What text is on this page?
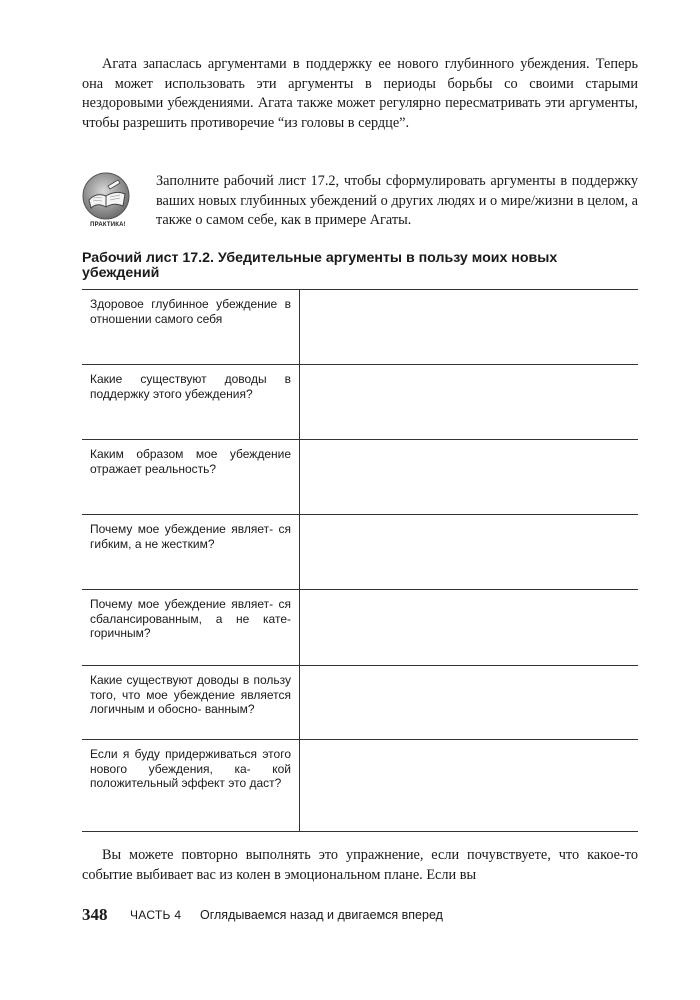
Агата запаслась аргументами в поддержку ее нового глубинного убеждения. Теперь она может использовать эти аргументы в периоды борьбы со своими старыми нездоровыми убеждениями. Агата также может регулярно пересматривать эти аргументы, чтобы разрешить противоречие “из головы в сердце”.

ПРАКТИКА!

Заполните рабочий лист 17.2, чтобы сформулировать аргументы в поддержку ваших новых глубинных убеждений о других людях и о мире/жизни в целом, а также о самом себе, как в примере Агаты.

Рабочий лист 17.2. Убедительные аргументы в пользу моих новых убеждений
Здоровое глубинное убеждение в отношении самого себя
Какие существуют доводы в поддержку этого убеждения?
Каким образом мое убеждение отражает реальность?
Почему мое убеждение являет- ся гибким, а не жестким?
Почему мое убеждение являет- ся сбалансированным, а не кате- горичным?
Какие существуют доводы в пользу того, что мое убеждение является логичным и обосно- ванным?
Если я буду придерживаться этого нового убеждения, ка- кой положительный эффект это даст?

Вы можете повторно выполнять это упражнение, если почувствуете, что какое-то событие выбивает вас из колен в эмоциональном плане. Если вы

348 ЧАСТЬ 4 Оглядываемся назад и двигаемся вперед
